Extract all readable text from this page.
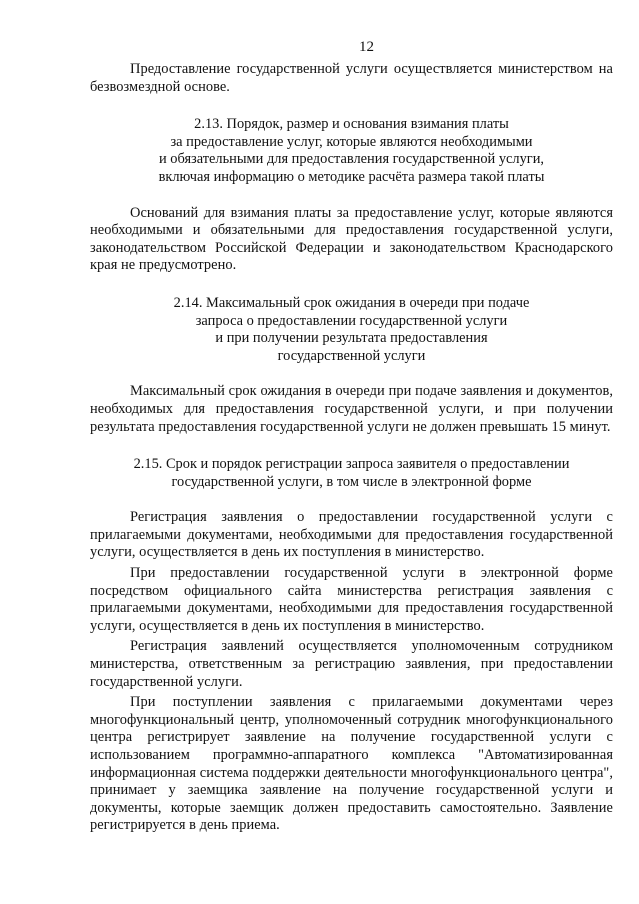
12

Предоставление государственной услуги осуществляется министерством на безвозмездной основе.

2.13. Порядок, размер и основания взимания платы
за предоставление услуг, которые являются необходимыми
и обязательными для предоставления государственной услуги,
включая информацию о методике расчёта размера такой платы

Оснований для взимания платы за предоставление услуг, которые являются необходимыми и обязательными для предоставления государственной услуги, законодательством Российской Федерации и законодательством Краснодарского края не предусмотрено.

2.14. Максимальный срок ожидания в очереди при подаче
запроса о предоставлении государственной услуги
и при получении результата предоставления
государственной услуги

Максимальный срок ожидания в очереди при подаче заявления и документов, необходимых для предоставления государственной услуги, и при получении результата предоставления государственной услуги не должен превышать 15 минут.

2.15. Срок и порядок регистрации запроса заявителя о предоставлении
государственной услуги, в том числе в электронной форме

Регистрация заявления о предоставлении государственной услуги с прилагаемыми документами, необходимыми для предоставления государственной услуги, осуществляется в день их поступления в министерство.

При предоставлении государственной услуги в электронной форме посредством официального сайта министерства регистрация заявления с прилагаемыми документами, необходимыми для предоставления государственной услуги, осуществляется в день их поступления в министерство.

Регистрация заявлений осуществляется уполномоченным сотрудником министерства, ответственным за регистрацию заявления, при предоставлении государственной услуги.

При поступлении заявления с прилагаемыми документами через многофункциональный центр, уполномоченный сотрудник многофункционального центра регистрирует заявление на получение государственной услуги с использованием программно-аппаратного комплекса "Автоматизированная информационная система поддержки деятельности многофункционального центра", принимает у заемщика заявление на получение государственной услуги и документы, которые заемщик должен предоставить самостоятельно. Заявление регистрируется в день приема.
